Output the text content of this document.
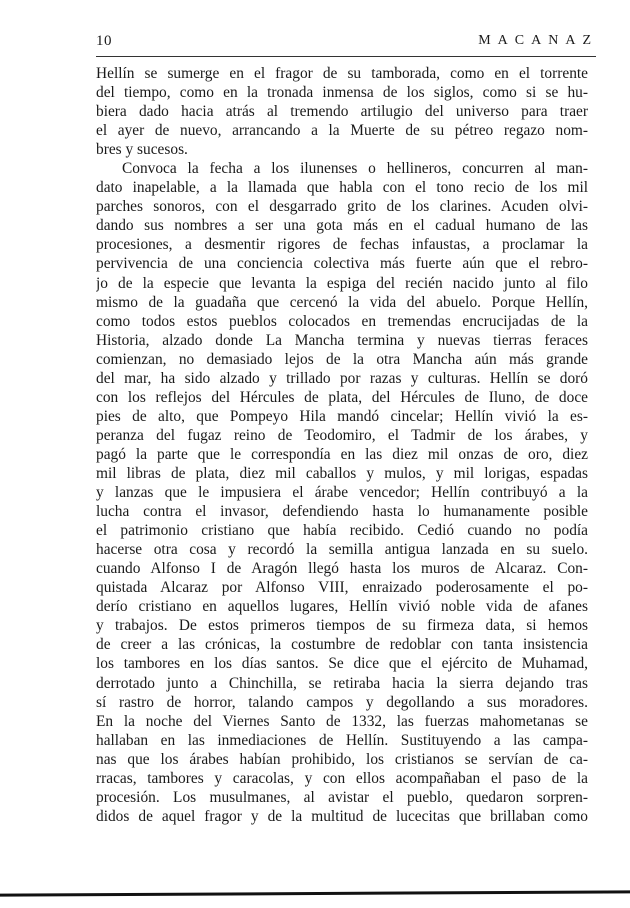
10	MACANAZ
Hellín se sumerge en el fragor de su tamborada, como en el torrente
del tiempo, como en la tronada inmensa de los siglos, como si se hu-
biera dado hacia atrás al tremendo artilugio del universo para traer
el ayer de nuevo, arrancando a la Muerte de su pétreo regazo nom-
bres y sucesos.
Convoca la fecha a los ilunenses o hellineros, concurren al man-
dato inapelable, a la llamada que habla con el tono recio de los mil
parches sonoros, con el desgarrado grito de los clarines. Acuden olvi-
dando sus nombres a ser una gota más en el cadual humano de las
procesiones, a desmentir rigores de fechas infaustas, a proclamar la
pervivencia de una conciencia colectiva más fuerte aún que el rebro-
jo de la especie que levanta la espiga del recién nacido junto al filo
mismo de la guadaña que cercenó la vida del abuelo. Porque Hellín,
como todos estos pueblos colocados en tremendas encrucijadas de la
Historia, alzado donde La Mancha termina y nuevas tierras feraces
comienzan, no demasiado lejos de la otra Mancha aún más grande
del mar, ha sido alzado y trillado por razas y culturas. Hellín se doró
con los reflejos del Hércules de plata, del Hércules de Iluno, de doce
pies de alto, que Pompeyo Hila mandó cincelar; Hellín vivió la es-
peranza del fugaz reino de Teodomiro, el Tadmir de los árabes, y
pagó la parte que le correspondía en las diez mil onzas de oro, diez
mil libras de plata, diez mil caballos y mulos, y mil lorigas, espadas
y lanzas que le impusiera el árabe vencedor; Hellín contribuyó a la
lucha contra el invasor, defendiendo hasta lo humanamente posible
el patrimonio cristiano que había recibido. Cedió cuando no podía
hacerse otra cosa y recordó la semilla antigua lanzada en su suelo.
cuando Alfonso I de Aragón llegó hasta los muros de Alcaraz. Con-
quistada Alcaraz por Alfonso VIII, enraizado poderosamente el po-
derío cristiano en aquellos lugares, Hellín vivió noble vida de afanes
y trabajos. De estos primeros tiempos de su firmeza data, si hemos
de creer a las crónicas, la costumbre de redoblar con tanta insistencia
los tambores en los días santos. Se dice que el ejército de Muhamad,
derrotado junto a Chinchilla, se retiraba hacia la sierra dejando tras
sí rastro de horror, talando campos y degollando a sus moradores.
En la noche del Viernes Santo de 1332, las fuerzas mahometanas se
hallaban en las inmediaciones de Hellín. Sustituyendo a las campa-
nas que los árabes habían prohibido, los cristianos se servían de ca-
rracas, tambores y caracolas, y con ellos acompañaban el paso de la
procesión. Los musulmanes, al avistar el pueblo, quedaron sorpren-
didos de aquel fragor y de la multitud de lucecitas que brillaban como
